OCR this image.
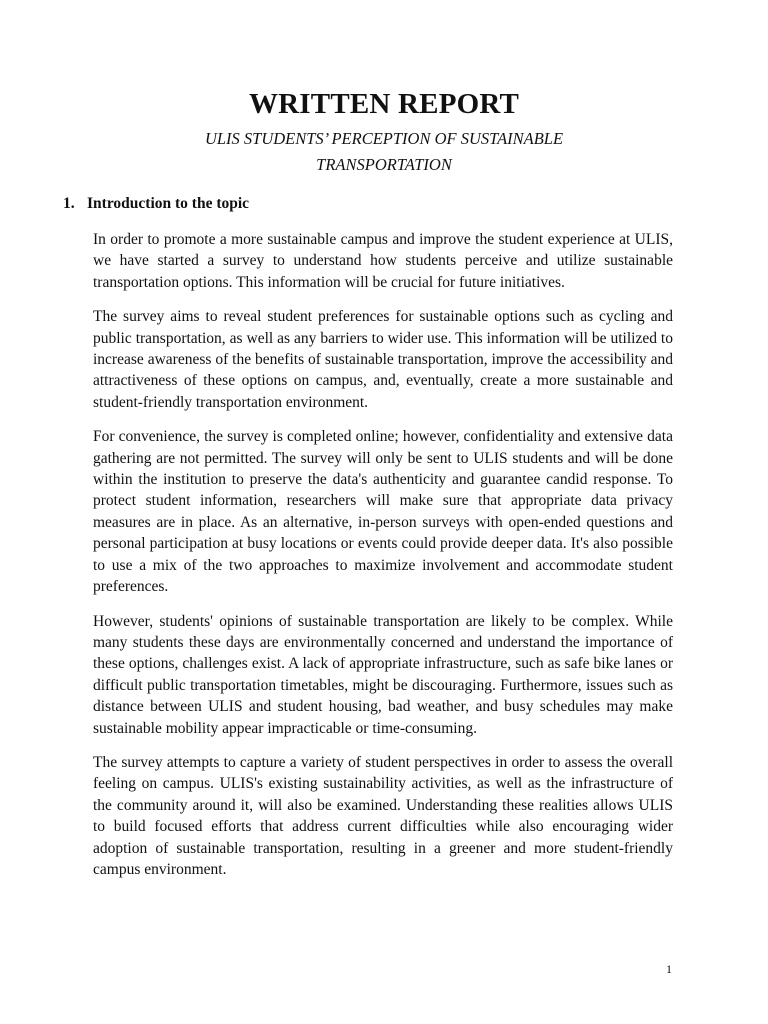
WRITTEN REPORT
ULIS STUDENTS’ PERCEPTION OF SUSTAINABLE
TRANSPORTATION
1. Introduction to the topic

In order to promote a more sustainable campus and improve the student experience at ULIS, we have started a survey to understand how students perceive and utilize sustainable transportation options. This information will be crucial for future initiatives.

The survey aims to reveal student preferences for sustainable options such as cycling and public transportation, as well as any barriers to wider use. This information will be utilized to increase awareness of the benefits of sustainable transportation, improve the accessibility and attractiveness of these options on campus, and, eventually, create a more sustainable and student-friendly transportation environment.

For convenience, the survey is completed online; however, confidentiality and extensive data gathering are not permitted. The survey will only be sent to ULIS students and will be done within the institution to preserve the data's authenticity and guarantee candid response. To protect student information, researchers will make sure that appropriate data privacy measures are in place. As an alternative, in-person surveys with open-ended questions and personal participation at busy locations or events could provide deeper data. It's also possible to use a mix of the two approaches to maximize involvement and accommodate student preferences.

However, students' opinions of sustainable transportation are likely to be complex. While many students these days are environmentally concerned and understand the importance of these options, challenges exist. A lack of appropriate infrastructure, such as safe bike lanes or difficult public transportation timetables, might be discouraging. Furthermore, issues such as distance between ULIS and student housing, bad weather, and busy schedules may make sustainable mobility appear impracticable or time-consuming.

The survey attempts to capture a variety of student perspectives in order to assess the overall feeling on campus. ULIS's existing sustainability activities, as well as the infrastructure of the community around it, will also be examined. Understanding these realities allows ULIS to build focused efforts that address current difficulties while also encouraging wider adoption of sustainable transportation, resulting in a greener and more student-friendly campus environment.

1
